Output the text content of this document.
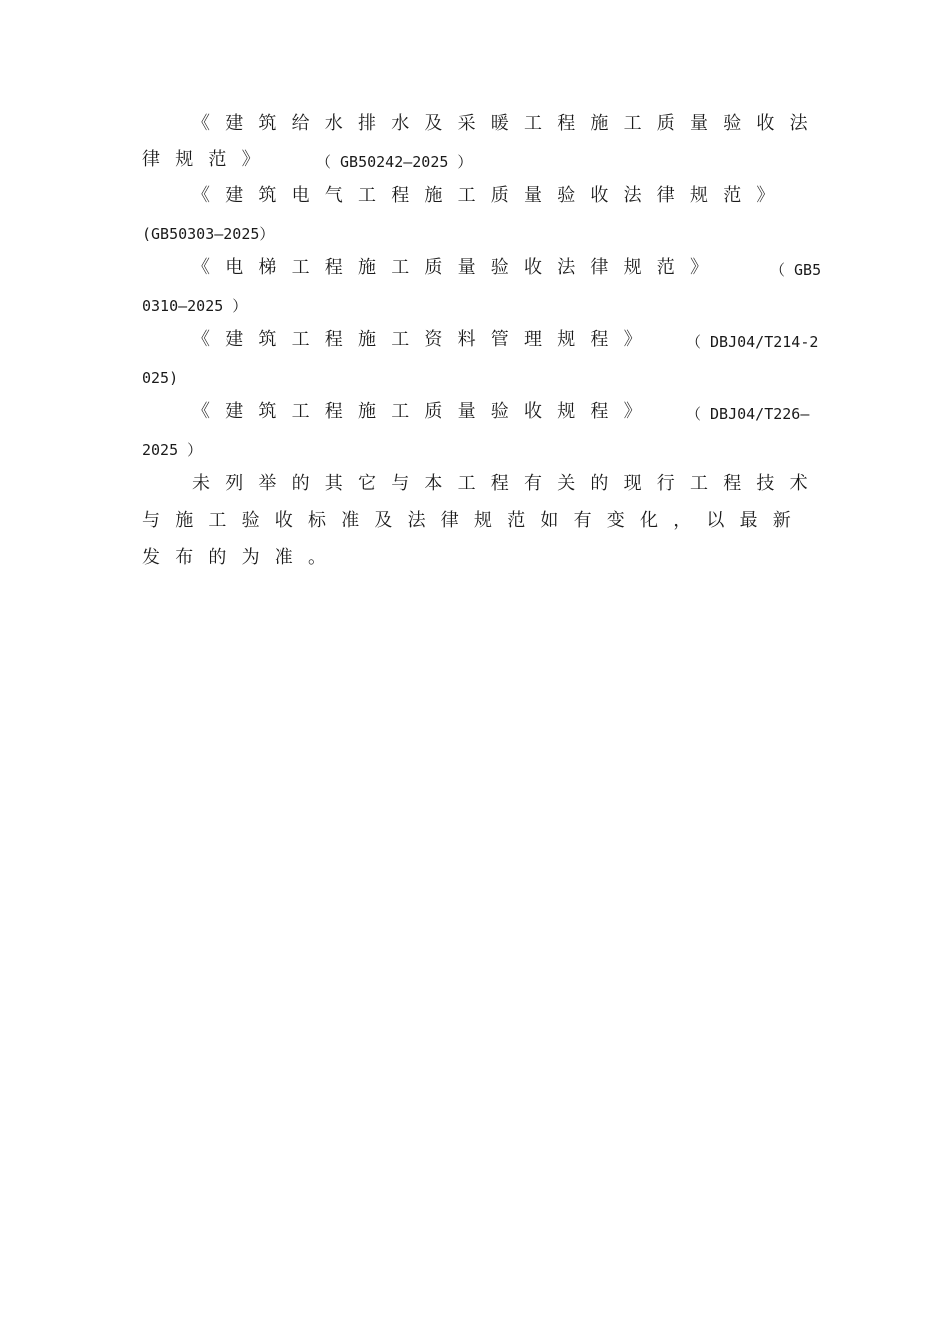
《建筑给水排水及采暖工程施工质量验收法
律规范》	（ GB50242—2025 ）
《建筑电气工程施工质量验收法律规范》
(GB50303—2025）
《电梯工程施工质量验收法律规范》	（ GB5
0310—2025 ）
《建筑工程施工资料管理规程》 （ DBJ04/T214-2
025)
《建筑工程施工质量验收规程》 （ DBJ04/T226—
2025 ）
未列举的其它与本工程有关的现行工程技术
与施工验收标准及法律规范如有变化，以最新
发布的为准。
